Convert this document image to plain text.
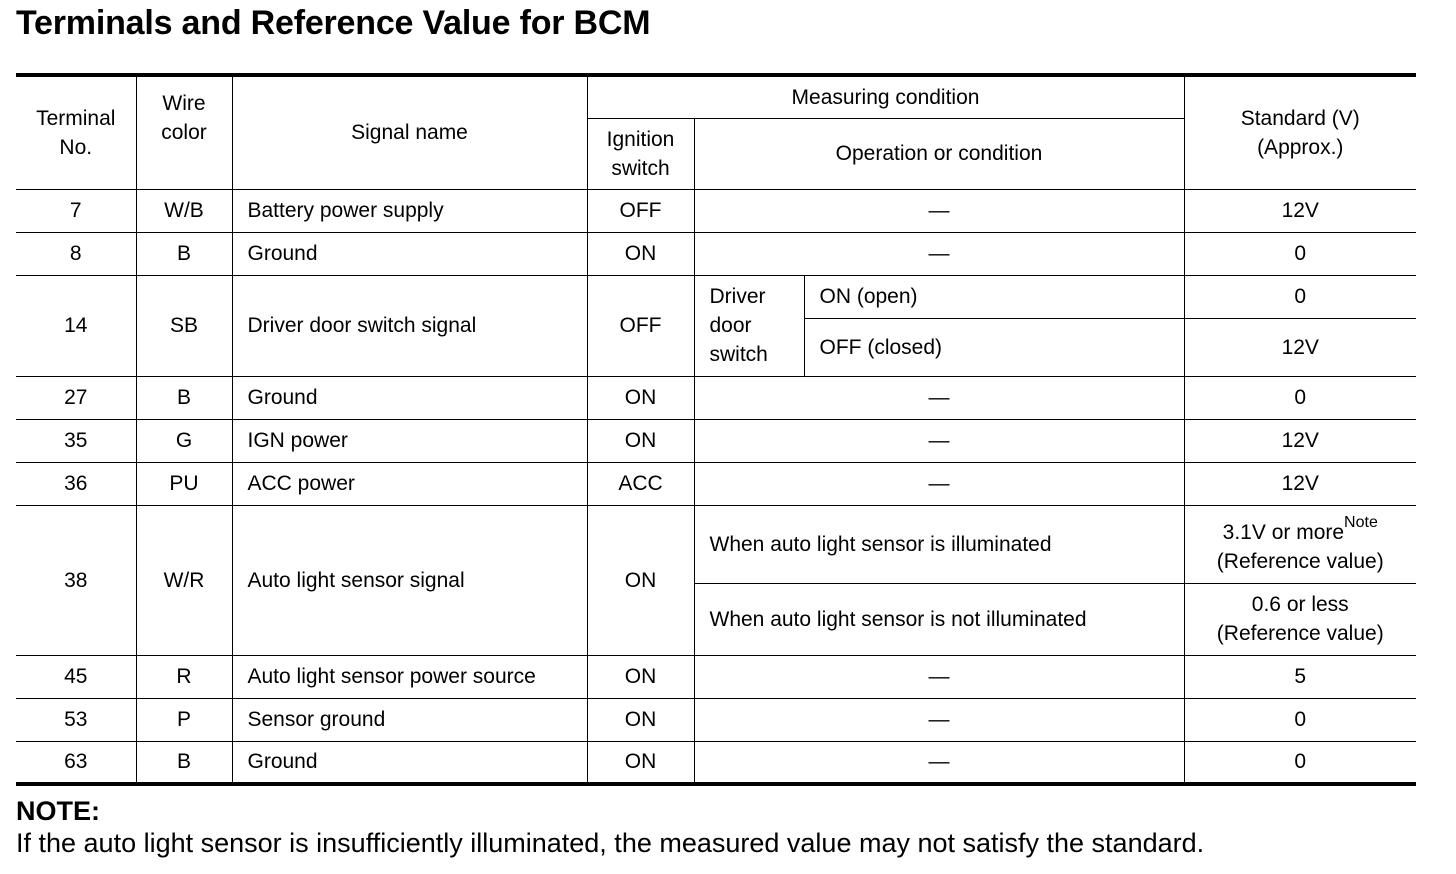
Terminals and Reference Value for BCM
Terminal No.	Wire color	Signal name	Measuring condition			Standard (V) (Approx.)
			Ignition switch	Operation or condition		
7	W/B	Battery power supply	OFF	—		12V
8	B	Ground	ON	—		0
14	SB	Driver door switch signal	OFF	Driver door switch	ON (open)	0
					OFF (closed)	12V
27	B	Ground	ON	—		0
35	G	IGN power	ON	—		12V
36	PU	ACC power	ACC	—		12V
38	W/R	Auto light sensor signal	ON	When auto light sensor is illuminated		3.1V or more$^{Note}$
(Reference value)
				When auto light sensor is not illuminated		0.6 or less
(Reference value)
45	R	Auto light sensor power source	ON	—		5
53	P	Sensor ground	ON	—		0
63	B	Ground	ON	—		0

NOTE:

If the auto light sensor is insufficiently illuminated, the measured value may not satisfy the standard.
